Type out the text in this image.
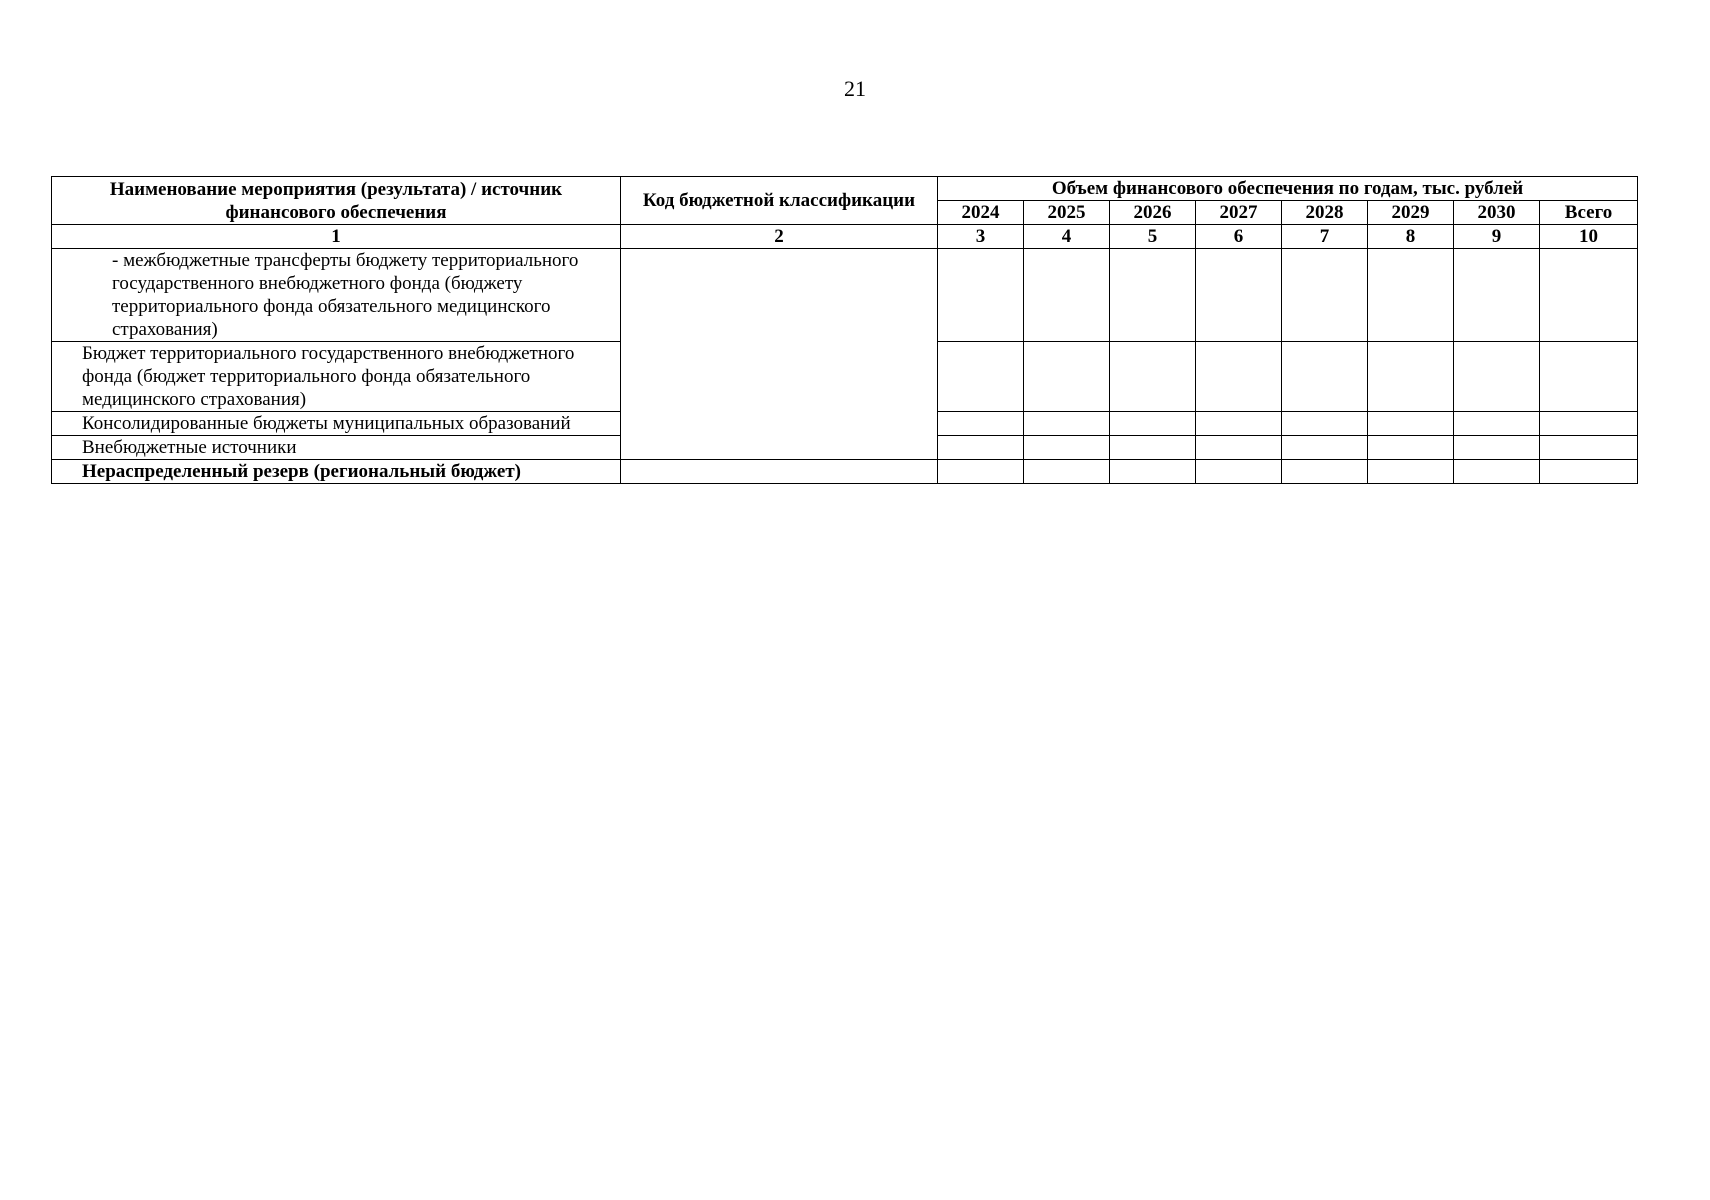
21
Наименование мероприятия (результата) / источник финансового обеспечения	Код бюджетной классификации	Объем финансового обеспечения по годам, тыс. рублей							
		2024	2025	2026	2027	2028	2029	2030	Всего
1	2	3	4	5	6	7	8	9	10
- межбюджетные трансферты бюджету территориального государственного внебюджетного фонда (бюджету территориального фонда обязательного медицинского страхования)									
Бюджет территориального государственного внебюджетного фонда (бюджет территориального фонда обязательного медицинского страхования)									
Консолидированные бюджеты муниципальных образований									
Внебюджетные источники									
Нераспределенный резерв (региональный бюджет)									
